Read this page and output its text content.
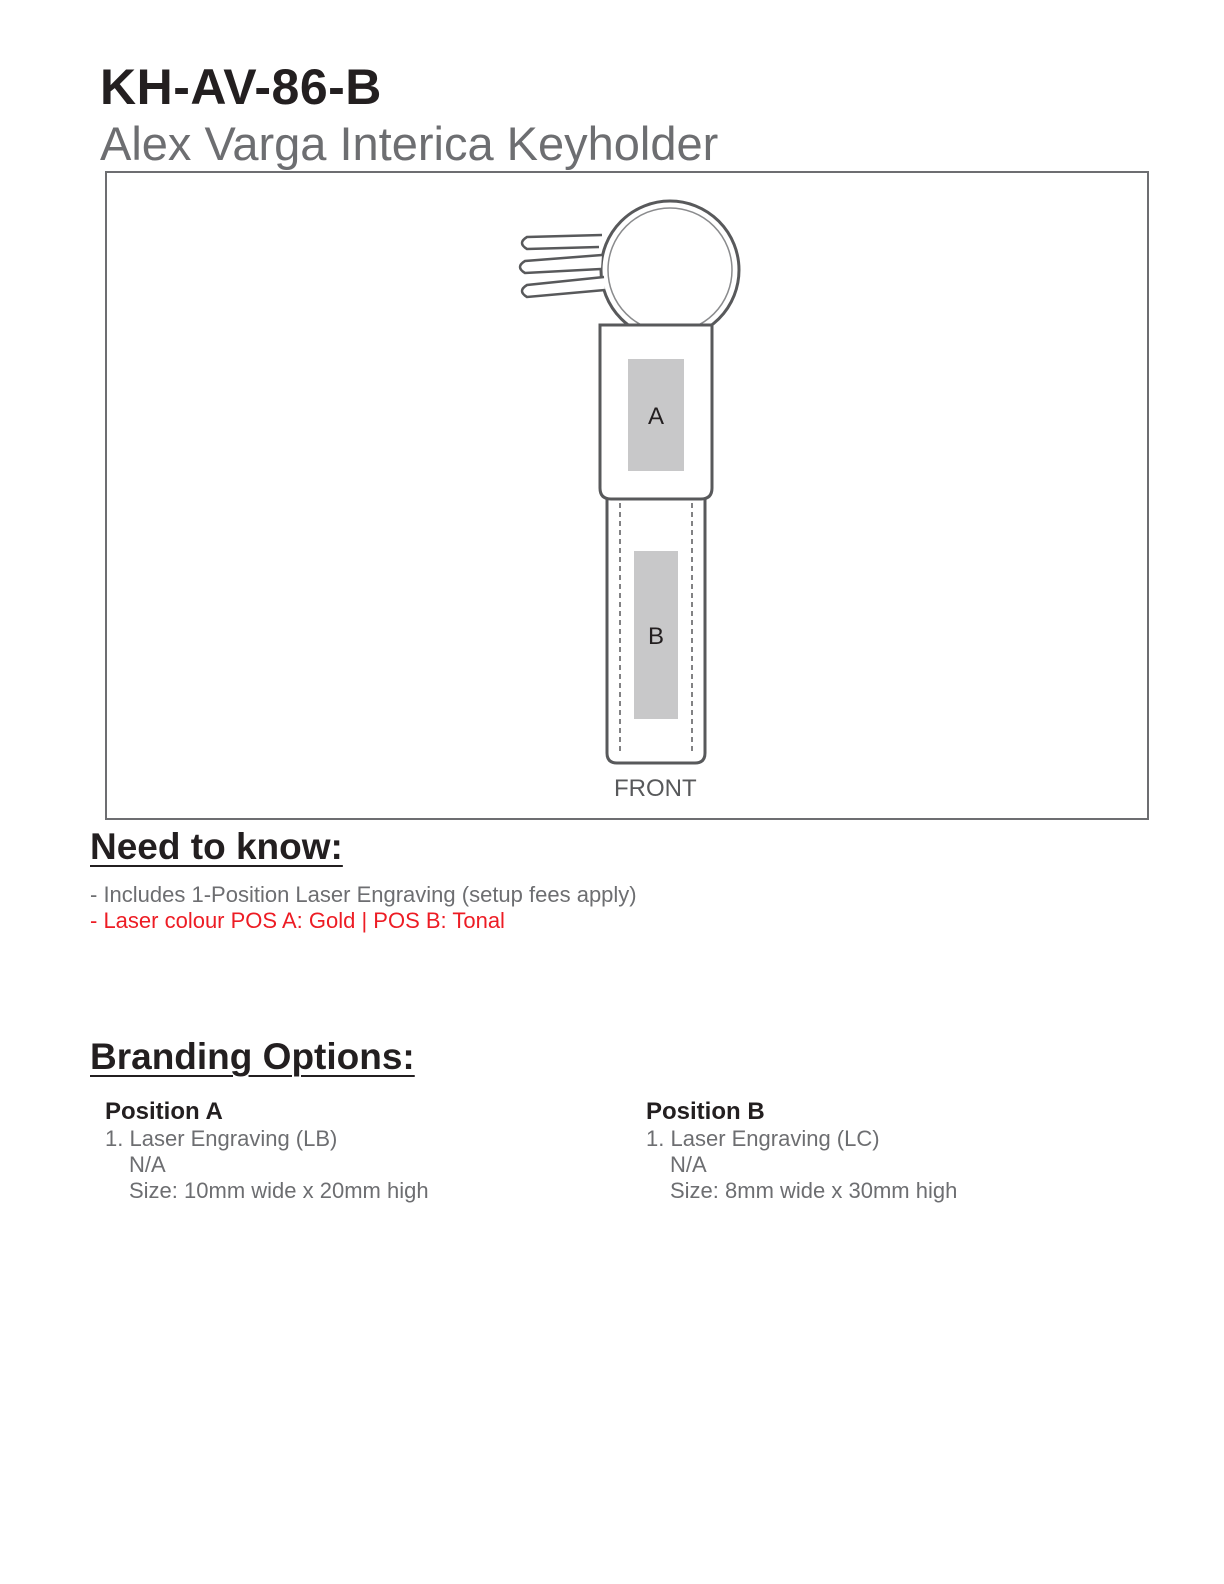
KH-AV-86-B
Alex Varga Interica Keyholder
A
B
FRONT
Need to know:
- Includes 1-Position Laser Engraving (setup fees apply)
- Laser colour POS A: Gold | POS B: Tonal
Branding Options:
Position A
1. Laser Engraving (LB)
N/A
Size: 10mm wide x 20mm high
Position B
1. Laser Engraving (LC)
N/A
Size: 8mm wide x 30mm high
